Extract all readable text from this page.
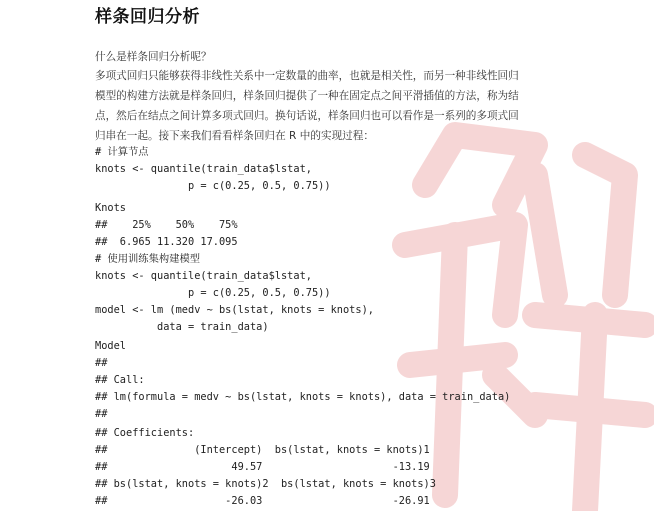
样条回归分析
什么是样条回归分析呢？
多项式回归只能够获得非线性关系中一定数量的曲率，也就是相关性，而另一种非线性回归
模型的构建方法就是样条回归，样条回归提供了一种在固定点之间平滑插值的方法，称为结
点，然后在结点之间计算多项式回归。换句话说，样条回归也可以看作是一系列的多项式回
归串在一起。接下来我们看看样条回归在 R 中的实现过程：
# 计算节点
knots <- quantile(train_data$lstat,
p = c(0.25, 0.5, 0.75))
Knots
##    25%    50%    75%
##  6.965 11.320 17.095
# 使用训练集构建模型
knots <- quantile(train_data$lstat,
p = c(0.25, 0.5, 0.75))
model <- lm (medv ~ bs(lstat, knots = knots),
data = train_data)
Model
##
## Call:
## lm(formula = medv ~ bs(lstat, knots = knots), data = train_data)
##
## Coefficients:
##              (Intercept)  bs(lstat, knots = knots)1
##                    49.57                     -13.19
## bs(lstat, knots = knots)2  bs(lstat, knots = knots)3
##                   -26.03                     -26.91
